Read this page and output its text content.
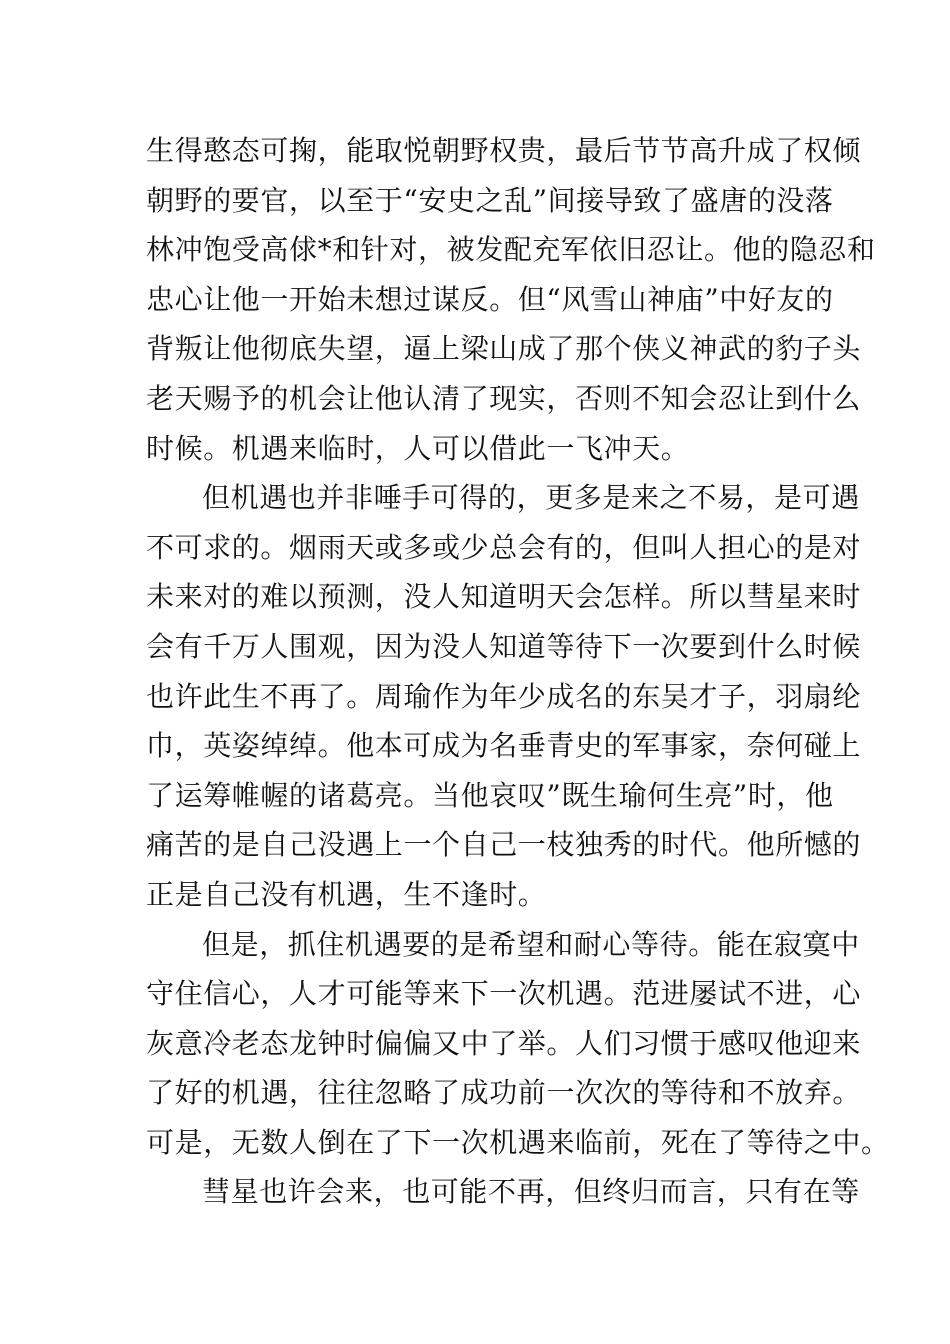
生得憨态可掬，能取悦朝野权贵，最后节节高升成了权倾
朝野的要官，以至于“安史之乱”间接导致了盛唐的没落
林冲饱受高俅*和针对，被发配充军依旧忍让。他的隐忍和
忠心让他一开始未想过谋反。但“风雪山神庙”中好友的
背叛让他彻底失望，逼上梁山成了那个侠义神武的豹子头
老天赐予的机会让他认清了现实，否则不知会忍让到什么
时候。机遇来临时，人可以借此一飞冲天。
但机遇也并非唾手可得的，更多是来之不易，是可遇
不可求的。烟雨天或多或少总会有的，但叫人担心的是对
未来对的难以预测，没人知道明天会怎样。所以彗星来时
会有千万人围观，因为没人知道等待下一次要到什么时候
也许此生不再了。周瑜作为年少成名的东吴才子，羽扇纶
巾，英姿绰绰。他本可成为名垂青史的军事家，奈何碰上
了运筹帷幄的诸葛亮。当他哀叹”既生瑜何生亮”时，他
痛苦的是自己没遇上一个自己一枝独秀的时代。他所憾的
正是自己没有机遇，生不逢时。
但是，抓住机遇要的是希望和耐心等待。能在寂寞中
守住信心，人才可能等来下一次机遇。范进屡试不进，心
灰意冷老态龙钟时偏偏又中了举。人们习惯于感叹他迎来
了好的机遇，往往忽略了成功前一次次的等待和不放弃。
可是，无数人倒在了下一次机遇来临前，死在了等待之中。
彗星也许会来，也可能不再，但终归而言，只有在等
